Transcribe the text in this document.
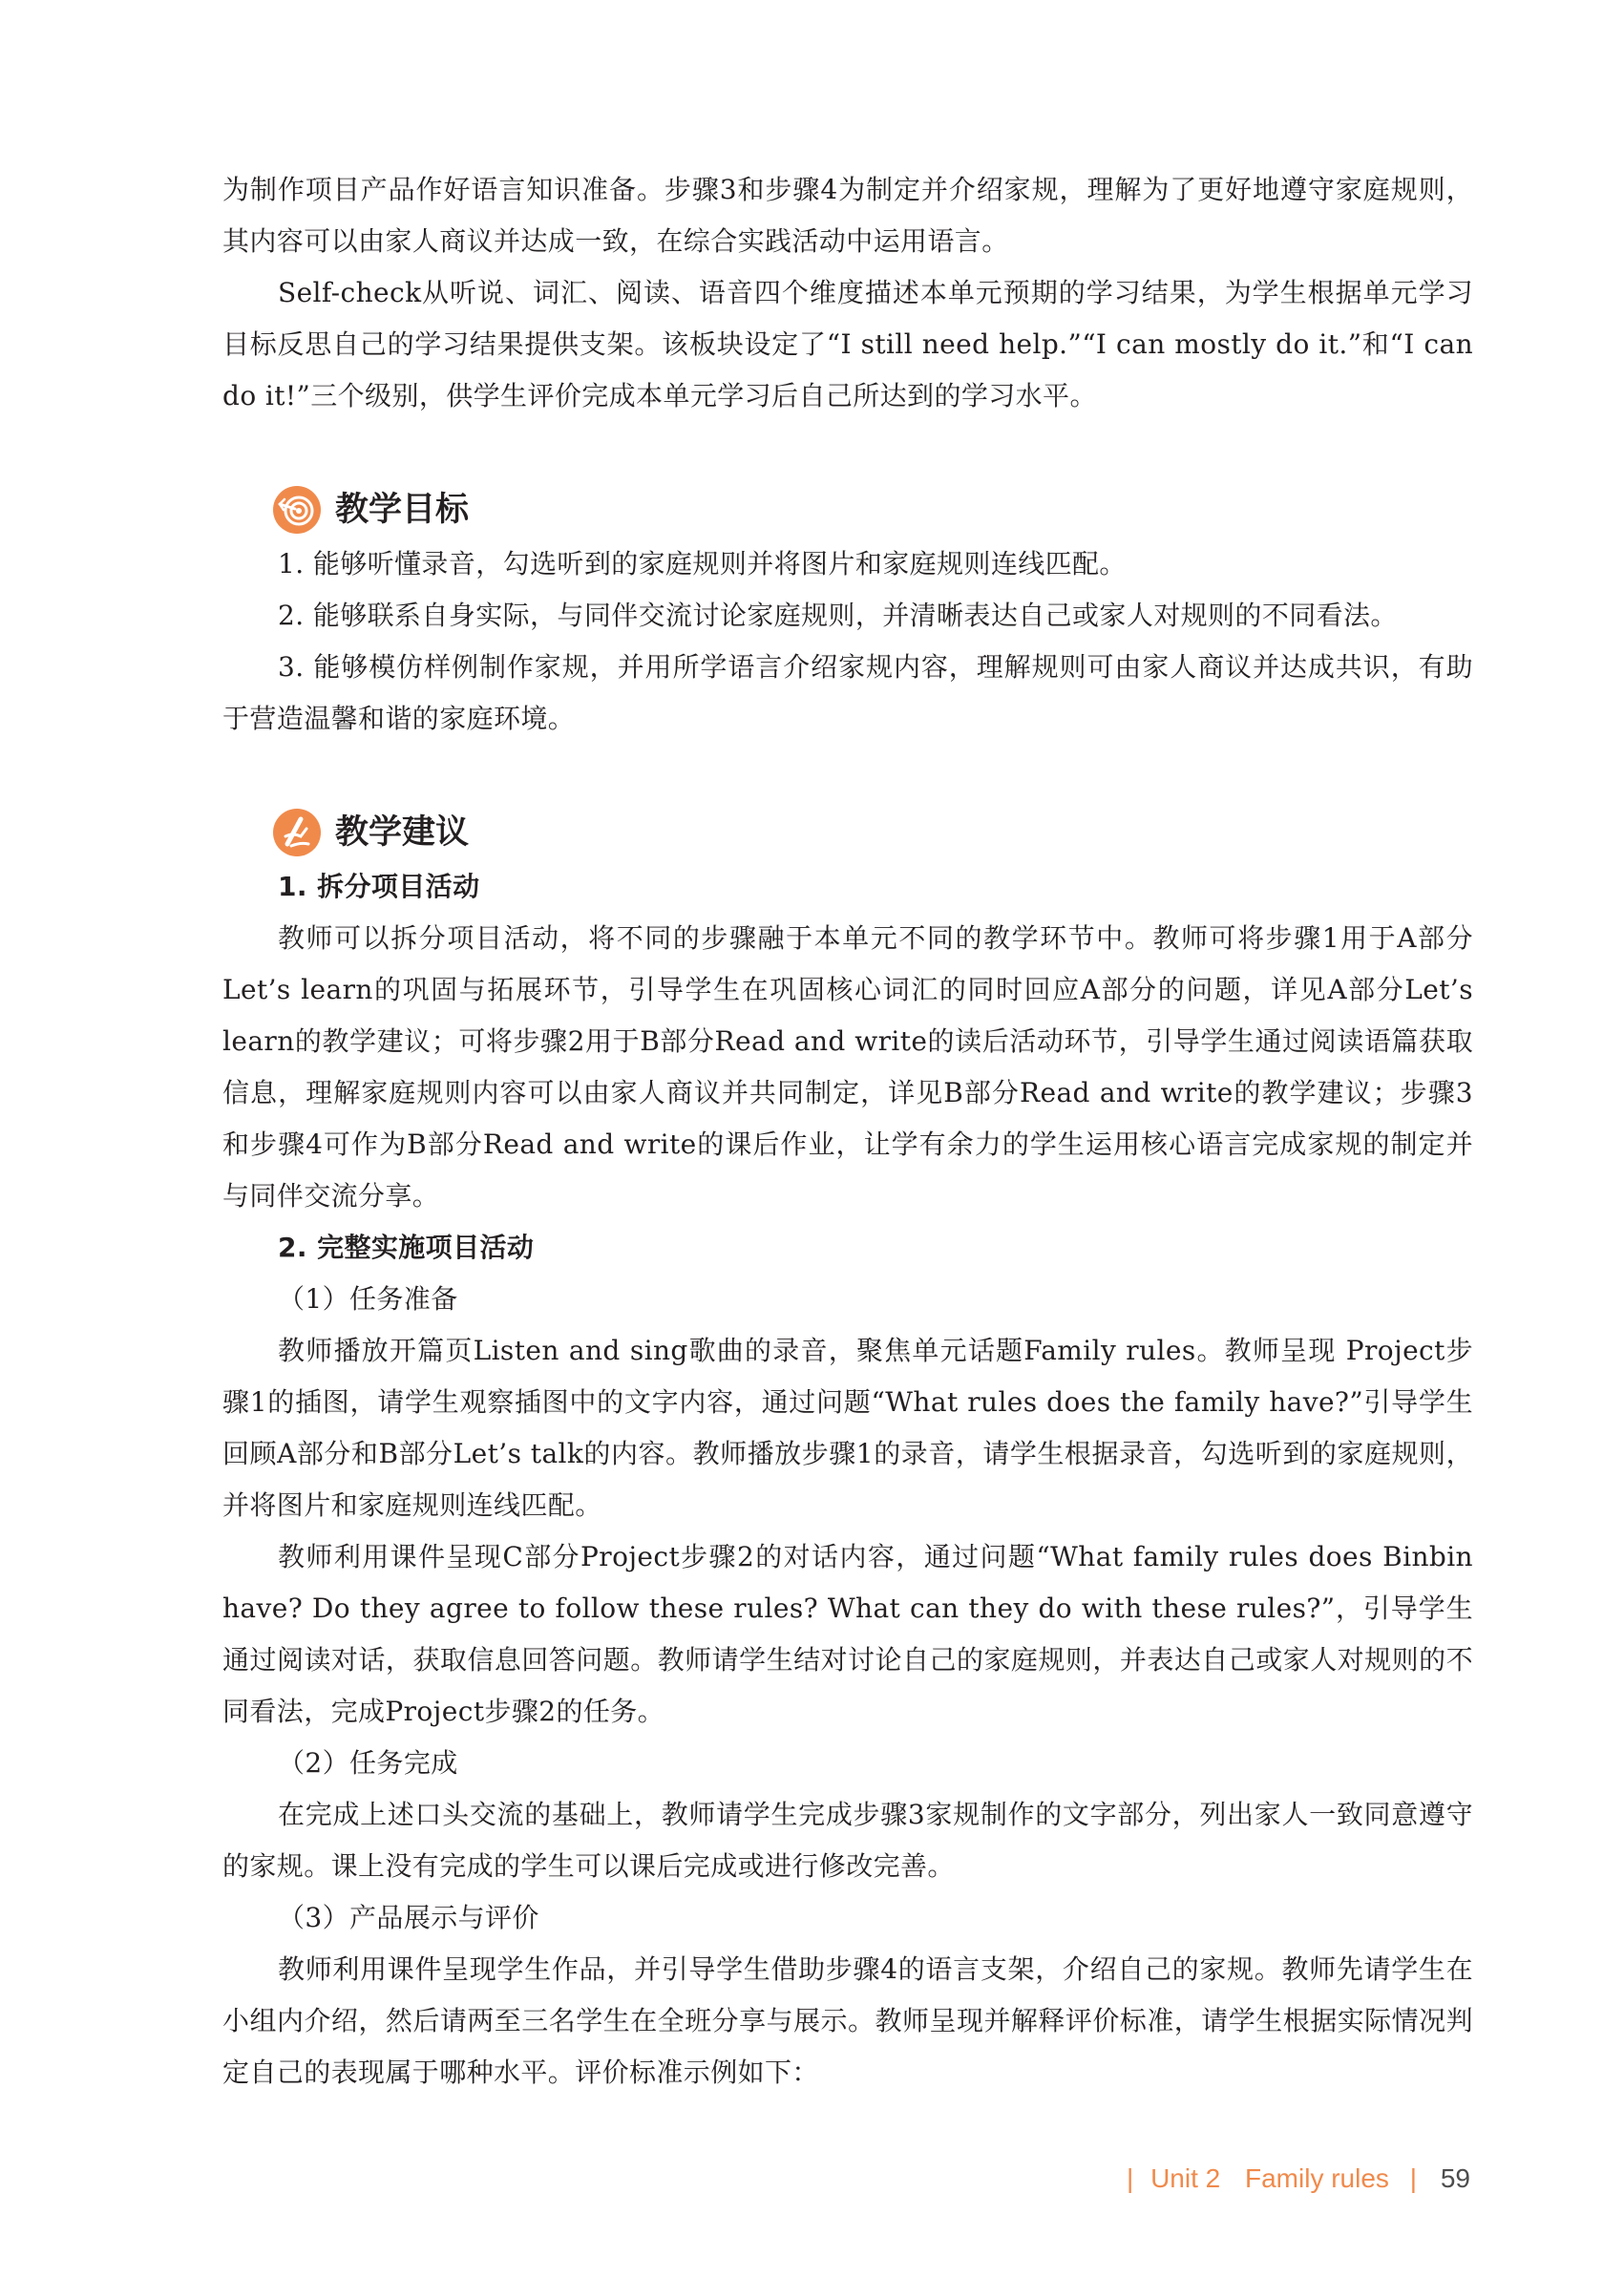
为制作项目产品作好语言知识准备。步骤3和步骤4为制定并介绍家规，理解为了更好地遵守家庭规则，其内容可以由家人商议并达成一致，在综合实践活动中运用语言。

Self-check从听说、词汇、阅读、语音四个维度描述本单元预期的学习结果，为学生根据单元学习目标反思自己的学习结果提供支架。该板块设定了“I still need help.”“I can mostly do it.”和“I can do it!”三个级别，供学生评价完成本单元学习后自己所达到的学习水平。

教学目标

1. 能够听懂录音，勾选听到的家庭规则并将图片和家庭规则连线匹配。

2. 能够联系自身实际，与同伴交流讨论家庭规则，并清晰表达自己或家人对规则的不同看法。

3. 能够模仿样例制作家规，并用所学语言介绍家规内容，理解规则可由家人商议并达成共识，有助于营造温馨和谐的家庭环境。

教学建议

1. 拆分项目活动

教师可以拆分项目活动，将不同的步骤融于本单元不同的教学环节中。教师可将步骤1用于A部分Let’s learn的巩固与拓展环节，引导学生在巩固核心词汇的同时回应A部分的问题，详见A部分Let’s learn的教学建议；可将步骤2用于B部分Read and write的读后活动环节，引导学生通过阅读语篇获取信息，理解家庭规则内容可以由家人商议并共同制定，详见B部分Read and write的教学建议；步骤3和步骤4可作为B部分Read and write的课后作业，让学有余力的学生运用核心语言完成家规的制定并与同伴交流分享。

2. 完整实施项目活动

（1）任务准备

教师播放开篇页Listen and sing歌曲的录音，聚焦单元话题Family rules。教师呈现 Project步骤1的插图，请学生观察插图中的文字内容，通过问题“What rules does the family have?”引导学生回顾A部分和B部分Let’s talk的内容。教师播放步骤1的录音，请学生根据录音，勾选听到的家庭规则，并将图片和家庭规则连线匹配。

教师利用课件呈现C部分Project步骤2的对话内容，通过问题“What family rules does Binbin have? Do they agree to follow these rules? What can they do with these rules?”，引导学生通过阅读对话，获取信息回答问题。教师请学生结对讨论自己的家庭规则，并表达自己或家人对规则的不同看法，完成Project步骤2的任务。

（2）任务完成

在完成上述口头交流的基础上，教师请学生完成步骤3家规制作的文字部分，列出家人一致同意遵守的家规。课上没有完成的学生可以课后完成或进行修改完善。

（3）产品展示与评价

教师利用课件呈现学生作品，并引导学生借助步骤4的语言支架，介绍自己的家规。教师先请学生在小组内介绍，然后请两至三名学生在全班分享与展示。教师呈现并解释评价标准，请学生根据实际情况判定自己的表现属于哪种水平。评价标准示例如下：

| Unit 2 Family rules | 59
